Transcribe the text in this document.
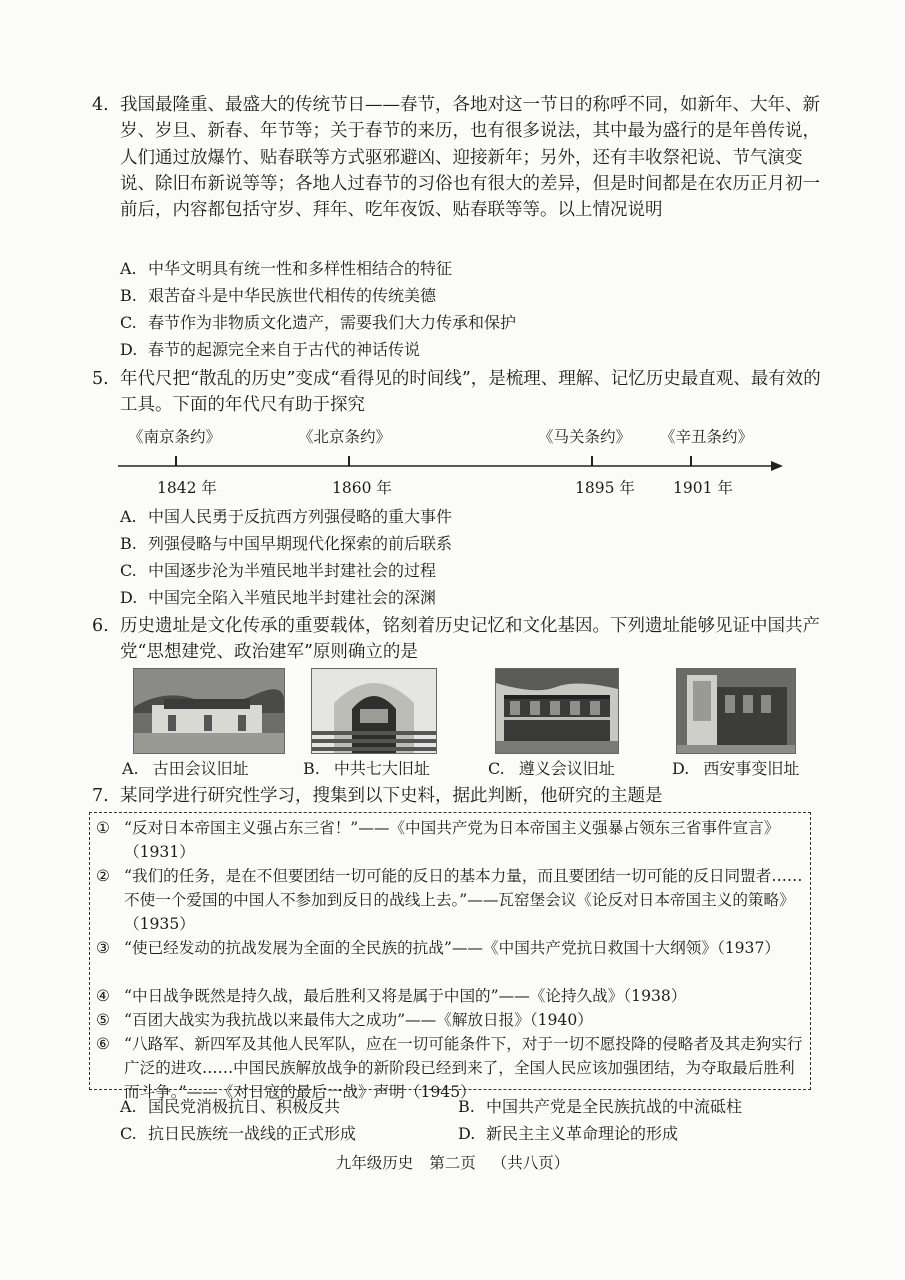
4. 我国最隆重、最盛大的传统节日——春节，各地对这一节日的称呼不同，如新年、大年、新岁、岁旦、新春、年节等；关于春节的来历，也有很多说法，其中最为盛行的是年兽传说，人们通过放爆竹、贴春联等方式驱邪避凶、迎接新年；另外，还有丰收祭祀说、节气演变说、除旧布新说等等；各地人过春节的习俗也有很大的差异，但是时间都是在农历正月初一前后，内容都包括守岁、拜年、吃年夜饭、贴春联等等。以上情况说明

A. 中华文明具有统一性和多样性相结合的特征

B. 艰苦奋斗是中华民族世代相传的传统美德

C. 春节作为非物质文化遗产，需要我们大力传承和保护

D. 春节的起源完全来自于古代的神话传说

5. 年代尺把“散乱的历史”变成“看得见的时间线”，是梳理、理解、记忆历史最直观、最有效的工具。下面的年代尺有助于探究

《南京条约》	《北京条约》	《马关条约》 《辛丑条约》
1842 年	1860 年	1895 年 1901 年

A. 中国人民勇于反抗西方列强侵略的重大事件

B. 列强侵略与中国早期现代化探索的前后联系

C. 中国逐步沦为半殖民地半封建社会的过程

D. 中国完全陷入半殖民地半封建社会的深渊

6. 历史遗址是文化传承的重要载体，铭刻着历史记忆和文化基因。下列遗址能够见证中国共产党“思想建党、政治建军”原则确立的是

A. 古田会议旧址	B. 中共七大旧址	C. 遵义会议旧址	D. 西安事变旧址

7. 某同学进行研究性学习，搜集到以下史料，据此判断，他研究的主题是

① “反对日本帝国主义强占东三省！”——《中国共产党为日本帝国主义强暴占领东三省事件宣言》（1931）

② “我们的任务，是在不但要团结一切可能的反日的基本力量，而且要团结一切可能的反日同盟者……不使一个爱国的中国人不参加到反日的战线上去。”——瓦窑堡会议《论反对日本帝国主义的策略》（1935）

③ “使已经发动的抗战发展为全面的全民族的抗战”——《中国共产党抗日救国十大纲领》（1937）

④ “中日战争既然是持久战，最后胜利又将是属于中国的”——《论持久战》（1938）

⑤ “百团大战实为我抗战以来最伟大之成功”——《解放日报》（1940）

⑥ “八路军、新四军及其他人民军队，应在一切可能条件下，对于一切不愿投降的侵略者及其走狗实行广泛的进攻……中国民族解放战争的新阶段已经到来了，全国人民应该加强团结，为夺取最后胜利而斗争。”——《对日寇的最后一战》声明（1945）

A. 国民党消极抗日、积极反共	B. 中国共产党是全民族抗战的中流砥柱

C. 抗日民族统一战线的正式形成	D. 新民主主义革命理论的形成

九年级历史 第二页 （共八页）
